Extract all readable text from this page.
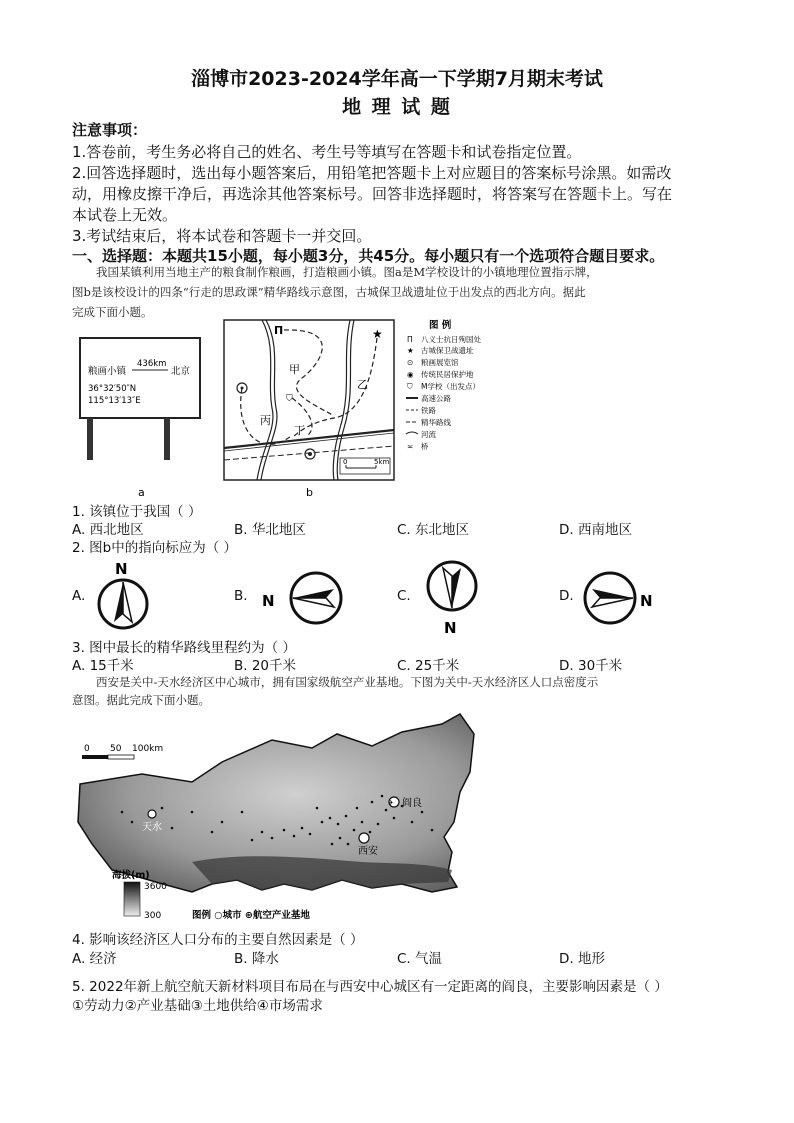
淄博市2023-2024学年高一下学期7月期末考试
地 理 试 题
注意事项：
1.答卷前，考生务必将自己的姓名、考生号等填写在答题卡和试卷指定位置。
2.回答选择题时，选出每小题答案后，用铅笔把答题卡上对应题目的答案标号涂黑。如需改
动，用橡皮擦干净后，再选涂其他答案标号。回答非选择题时，将答案写在答题卡上。写在
本试卷上无效。
3.考试结束后，将本试卷和答题卡一并交回。
一、选择题：本题共15小题，每小题3分，共45分。每小题只有一个选项符合题目要求。
我国某镇利用当地主产的粮食制作粮画，打造粮画小镇。图a是M学校设计的小镇地理位置指示牌，
图b是该校设计的四条“行走的思政课”精华路线示意图，古城保卫战遗址位于出发点的西北方向。据此
完成下面小题。
436km
粮画小镇	北京
36°32′50″N
115°13′13″E
a
Π	★
⛉
甲
乙
丙
丁
0	5km
b
图 例
Π 八义士抗日殉国处
★ 古城保卫战遗址
⊙ 粮画展览馆
◉ 传统民居保护地
⛉ M学校（出发点）
高速公路
铁路
精华路线
河流
≍ 桥
1. 该镇位于我国（ ）
A. 西北地区	B. 华北地区	C. 东北地区	D. 西南地区
2. 图b中的指向标应为（ ）
A.
N
B. N	C.
N
D.	N
3. 图中最长的精华路线里程约为（ ）
A. 15千米	B. 20千米	C. 25千米	D. 30千米
西安是关中-天水经济区中心城市，拥有国家级航空产业基地。下图为关中-天水经济区人口点密度示
意图。据此完成下面小题。
0 50 100km
天水
西安
✈ 阎良
海拔(m)
3600
300	图例 ○城市 ⊛航空产业基地
4. 影响该经济区人口分布的主要自然因素是（ ）
A. 经济	B. 降水	C. 气温	D. 地形
5. 2022年新上航空航天新材料项目布局在与西安中心城区有一定距离的阎良，主要影响因素是（ ）
①劳动力②产业基础③土地供给④市场需求
